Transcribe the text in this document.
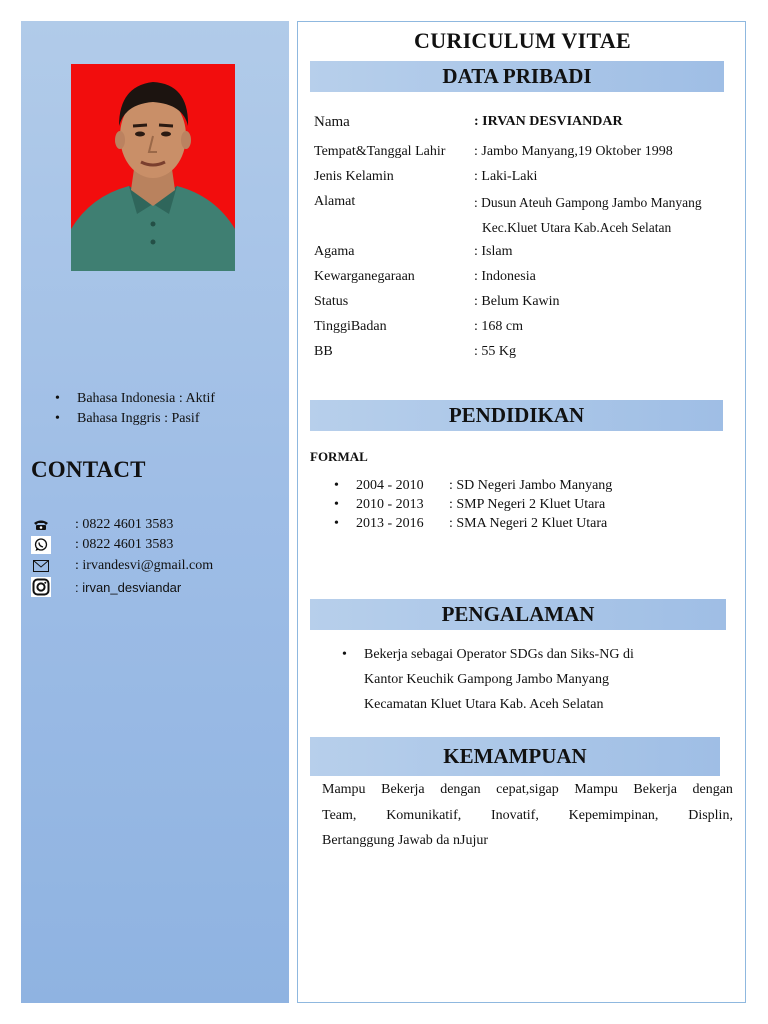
• Bahasa Indonesia : Aktif
• Bahasa Inggris : Pasif
CONTACT
: 0822 4601 3583
: 0822 4601 3583
: irvandesvi@gmail.com
: irvan_desviandar
CURICULUM VITAE
DATA PRIBADI
Nama	: IRVAN DESVIANDAR
Tempat&Tanggal Lahir	: Jambo Manyang,19 Oktober 1998
Jenis Kelamin	: Laki-Laki
Alamat	: Dusun Ateuh Gampong Jambo Manyang
Kec.Kluet Utara Kab.Aceh Selatan
Agama	: Islam
Kewarganegaraan	: Indonesia
Status	: Belum Kawin
TinggiBadan	: 168 cm
BB	: 55 Kg
PENDIDIKAN
FORMAL
• 2004 - 2010 : SD Negeri Jambo Manyang
• 2010 - 2013 : SMP Negeri 2 Kluet Utara
• 2013 - 2016 : SMA Negeri 2 Kluet Utara
PENGALAMAN
• Bekerja sebagai Operator SDGs dan Siks-NG di
Kantor Keuchik Gampong Jambo Manyang
Kecamatan Kluet Utara Kab. Aceh Selatan
KEMAMPUAN
Mampu Bekerja dengan cepat,sigap Mampu Bekerja dengan
Team, Komunikatif, Inovatif, Kepemimpinan, Displin,
Bertanggung Jawab da nJujur
